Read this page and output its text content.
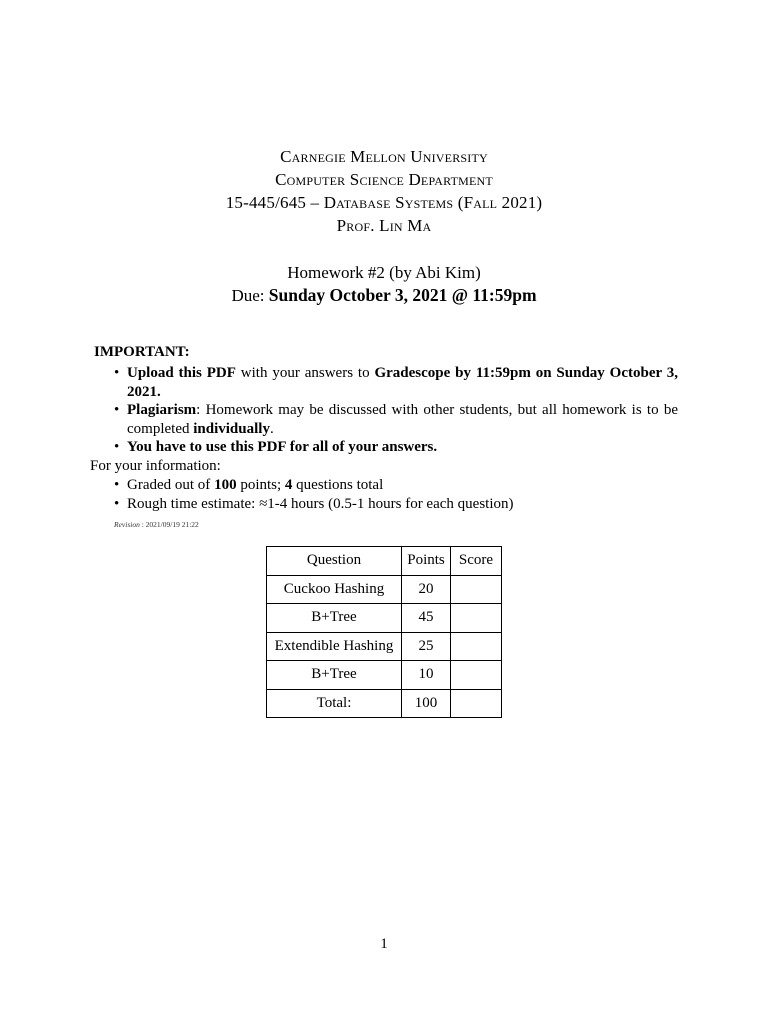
Carnegie Mellon University
Computer Science Department
15-445/645 – Database Systems (Fall 2021)
Prof. Lin Ma
Homework #2 (by Abi Kim)
Due: Sunday October 3, 2021 @ 11:59pm
IMPORTANT:
• Upload this PDF with your answers to Gradescope by 11:59pm on Sunday October 3, 2021.
• Plagiarism: Homework may be discussed with other students, but all homework is to be completed individually.
• You have to use this PDF for all of your answers.
For your information:
• Graded out of 100 points; 4 questions total
• Rough time estimate: ≈1-4 hours (0.5-1 hours for each question)
Revision : 2021/09/19 21:22
Question	Points	Score
Cuckoo Hashing	20	
B+Tree	45	
Extendible Hashing	25	
B+Tree	10	
Total:	100	
1
